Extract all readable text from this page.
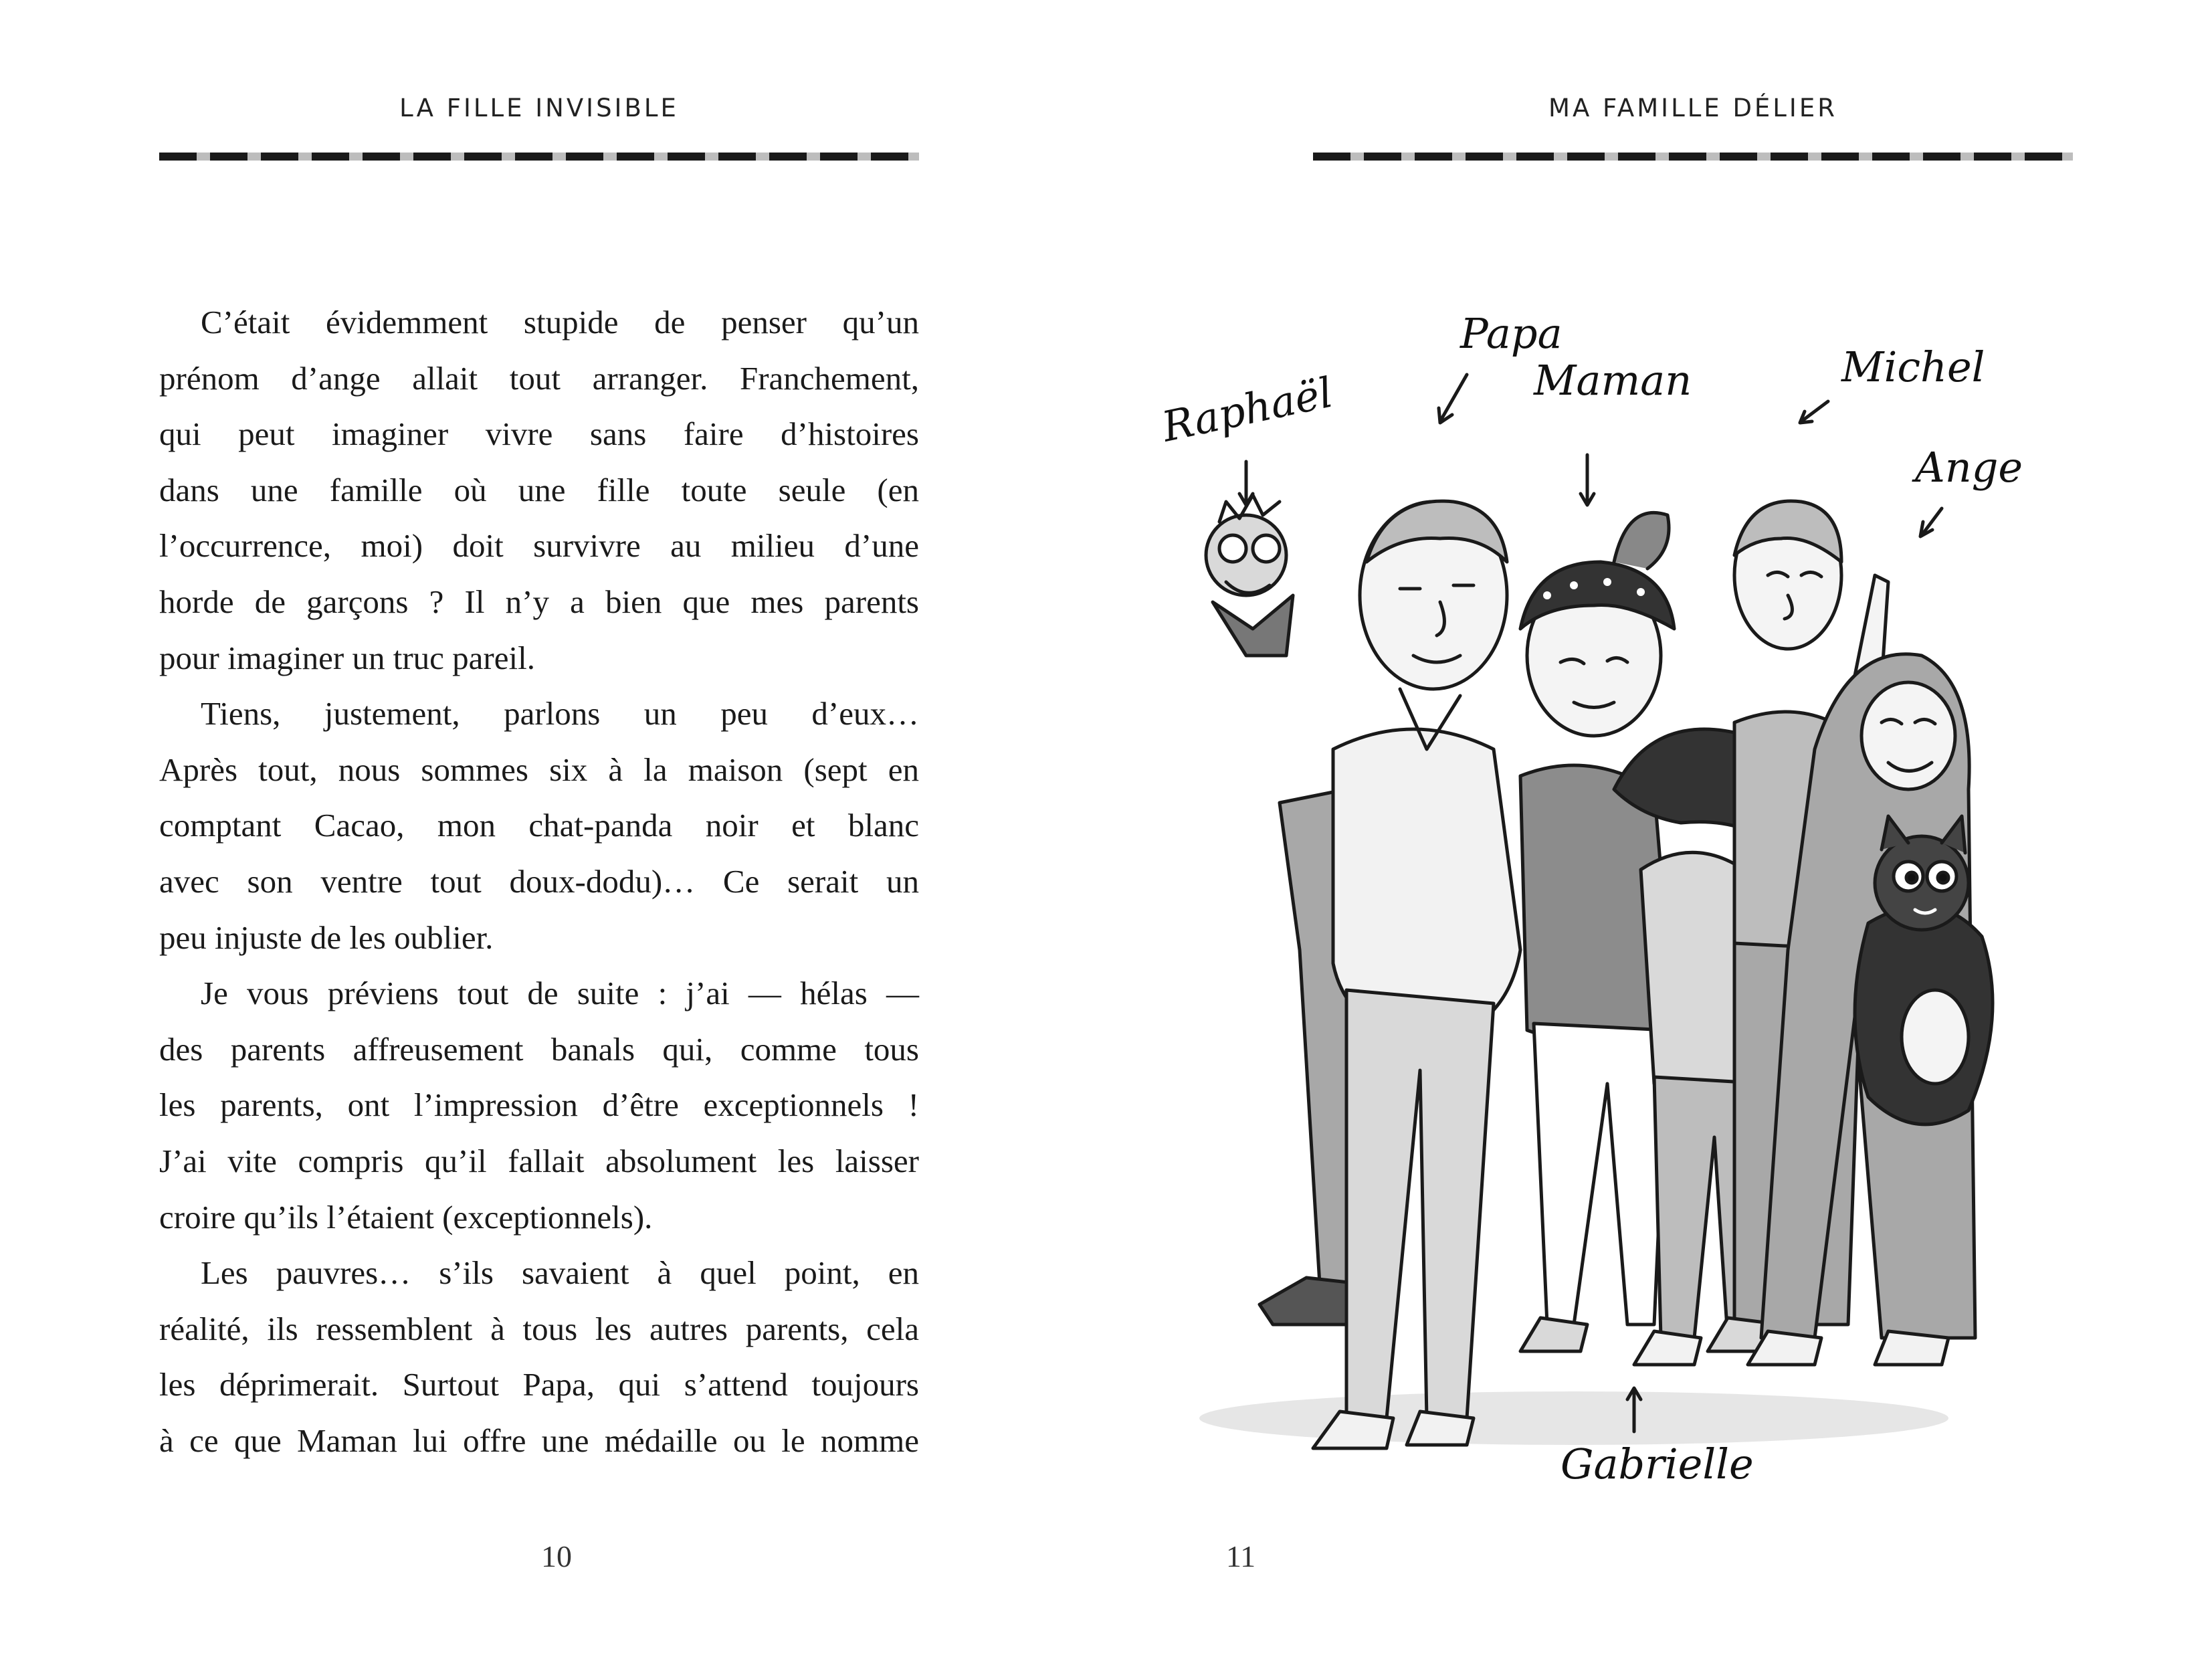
LA FILLE INVISIBLE

C’était évidemment stupide de penser qu’un
prénom d’ange allait tout arranger. Franchement,
qui peut imaginer vivre sans faire d’histoires
dans une famille où une fille toute seule (en
l’occurrence, moi) doit survivre au milieu d’une
horde de garçons ? Il n’y a bien que mes parents
pour imaginer un truc pareil.

Tiens, justement, parlons un peu d’eux…
Après tout, nous sommes six à la maison (sept en
comptant Cacao, mon chat-panda noir et blanc
avec son ventre tout doux-dodu)… Ce serait un
peu injuste de les oublier.

Je vous préviens tout de suite : j’ai — hélas —
des parents affreusement banals qui, comme tous
les parents, ont l’impression d’être exceptionnels !
J’ai vite compris qu’il fallait absolument les laisser
croire qu’ils l’étaient (exceptionnels).

Les pauvres… s’ils savaient à quel point, en
réalité, ils ressemblent à tous les autres parents, cela
les déprimerait. Surtout Papa, qui s’attend toujours
à ce que Maman lui offre une médaille ou le nomme

10
MA FAMILLE DÉLIER
Raphaël
Papa
Maman	Michel
Ange
Gabrielle
11
